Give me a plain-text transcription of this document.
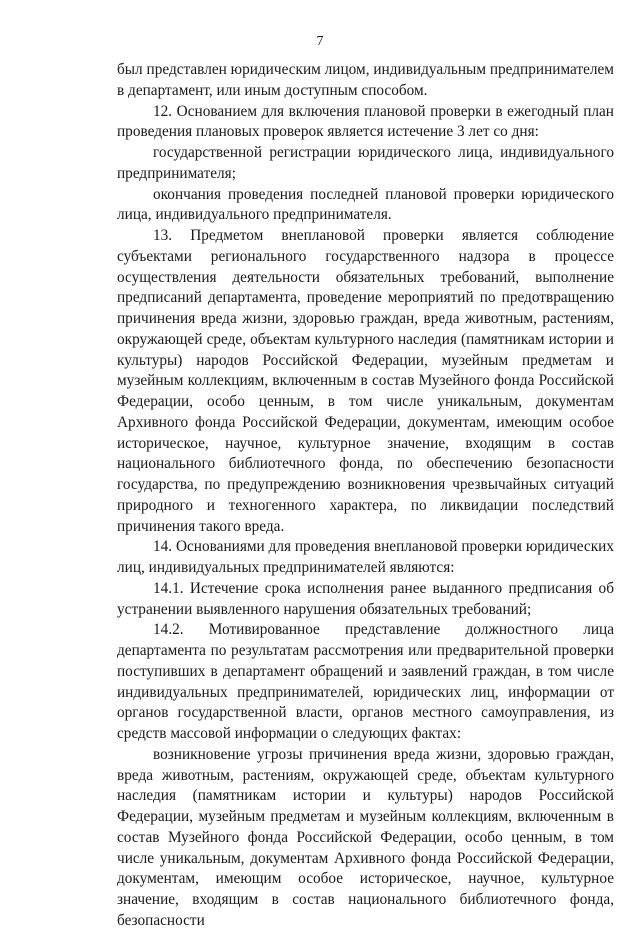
7

был представлен юридическим лицом, индивидуальным предпринимателем в департамент, или иным доступным способом.

12. Основанием для включения плановой проверки в ежегодный план проведения плановых проверок является истечение 3 лет со дня:

государственной регистрации юридического лица, индивидуального предпринимателя;

окончания проведения последней плановой проверки юридического лица, индивидуального предпринимателя.

13. Предметом внеплановой проверки является соблюдение субъектами регионального государственного надзора в процессе осуществления деятельности обязательных требований, выполнение предписаний департамента, проведение мероприятий по предотвращению причинения вреда жизни, здоровью граждан, вреда животным, растениям, окружающей среде, объектам культурного наследия (памятникам истории и культуры) народов Российской Федерации, музейным предметам и музейным коллекциям, включенным в состав Музейного фонда Российской Федерации, особо ценным, в том числе уникальным, документам Архивного фонда Российской Федерации, документам, имеющим особое историческое, научное, культурное значение, входящим в состав национального библиотечного фонда, по обеспечению безопасности государства, по предупреждению возникновения чрезвычайных ситуаций природного и техногенного характера, по ликвидации последствий причинения такого вреда.

14. Основаниями для проведения внеплановой проверки юридических лиц, индивидуальных предпринимателей являются:

14.1. Истечение срока исполнения ранее выданного предписания об устранении выявленного нарушения обязательных требований;

14.2. Мотивированное представление должностного лица департамента по результатам рассмотрения или предварительной проверки поступивших в департамент обращений и заявлений граждан, в том числе индивидуальных предпринимателей, юридических лиц, информации от органов государственной власти, органов местного самоуправления, из средств массовой информации о следующих фактах:

возникновение угрозы причинения вреда жизни, здоровью граждан, вреда животным, растениям, окружающей среде, объектам культурного наследия (памятникам истории и культуры) народов Российской Федерации, музейным предметам и музейным коллекциям, включенным в состав Музейного фонда Российской Федерации, особо ценным, в том числе уникальным, документам Архивного фонда Российской Федерации, документам, имеющим особое историческое, научное, культурное значение, входящим в состав национального библиотечного фонда, безопасности
